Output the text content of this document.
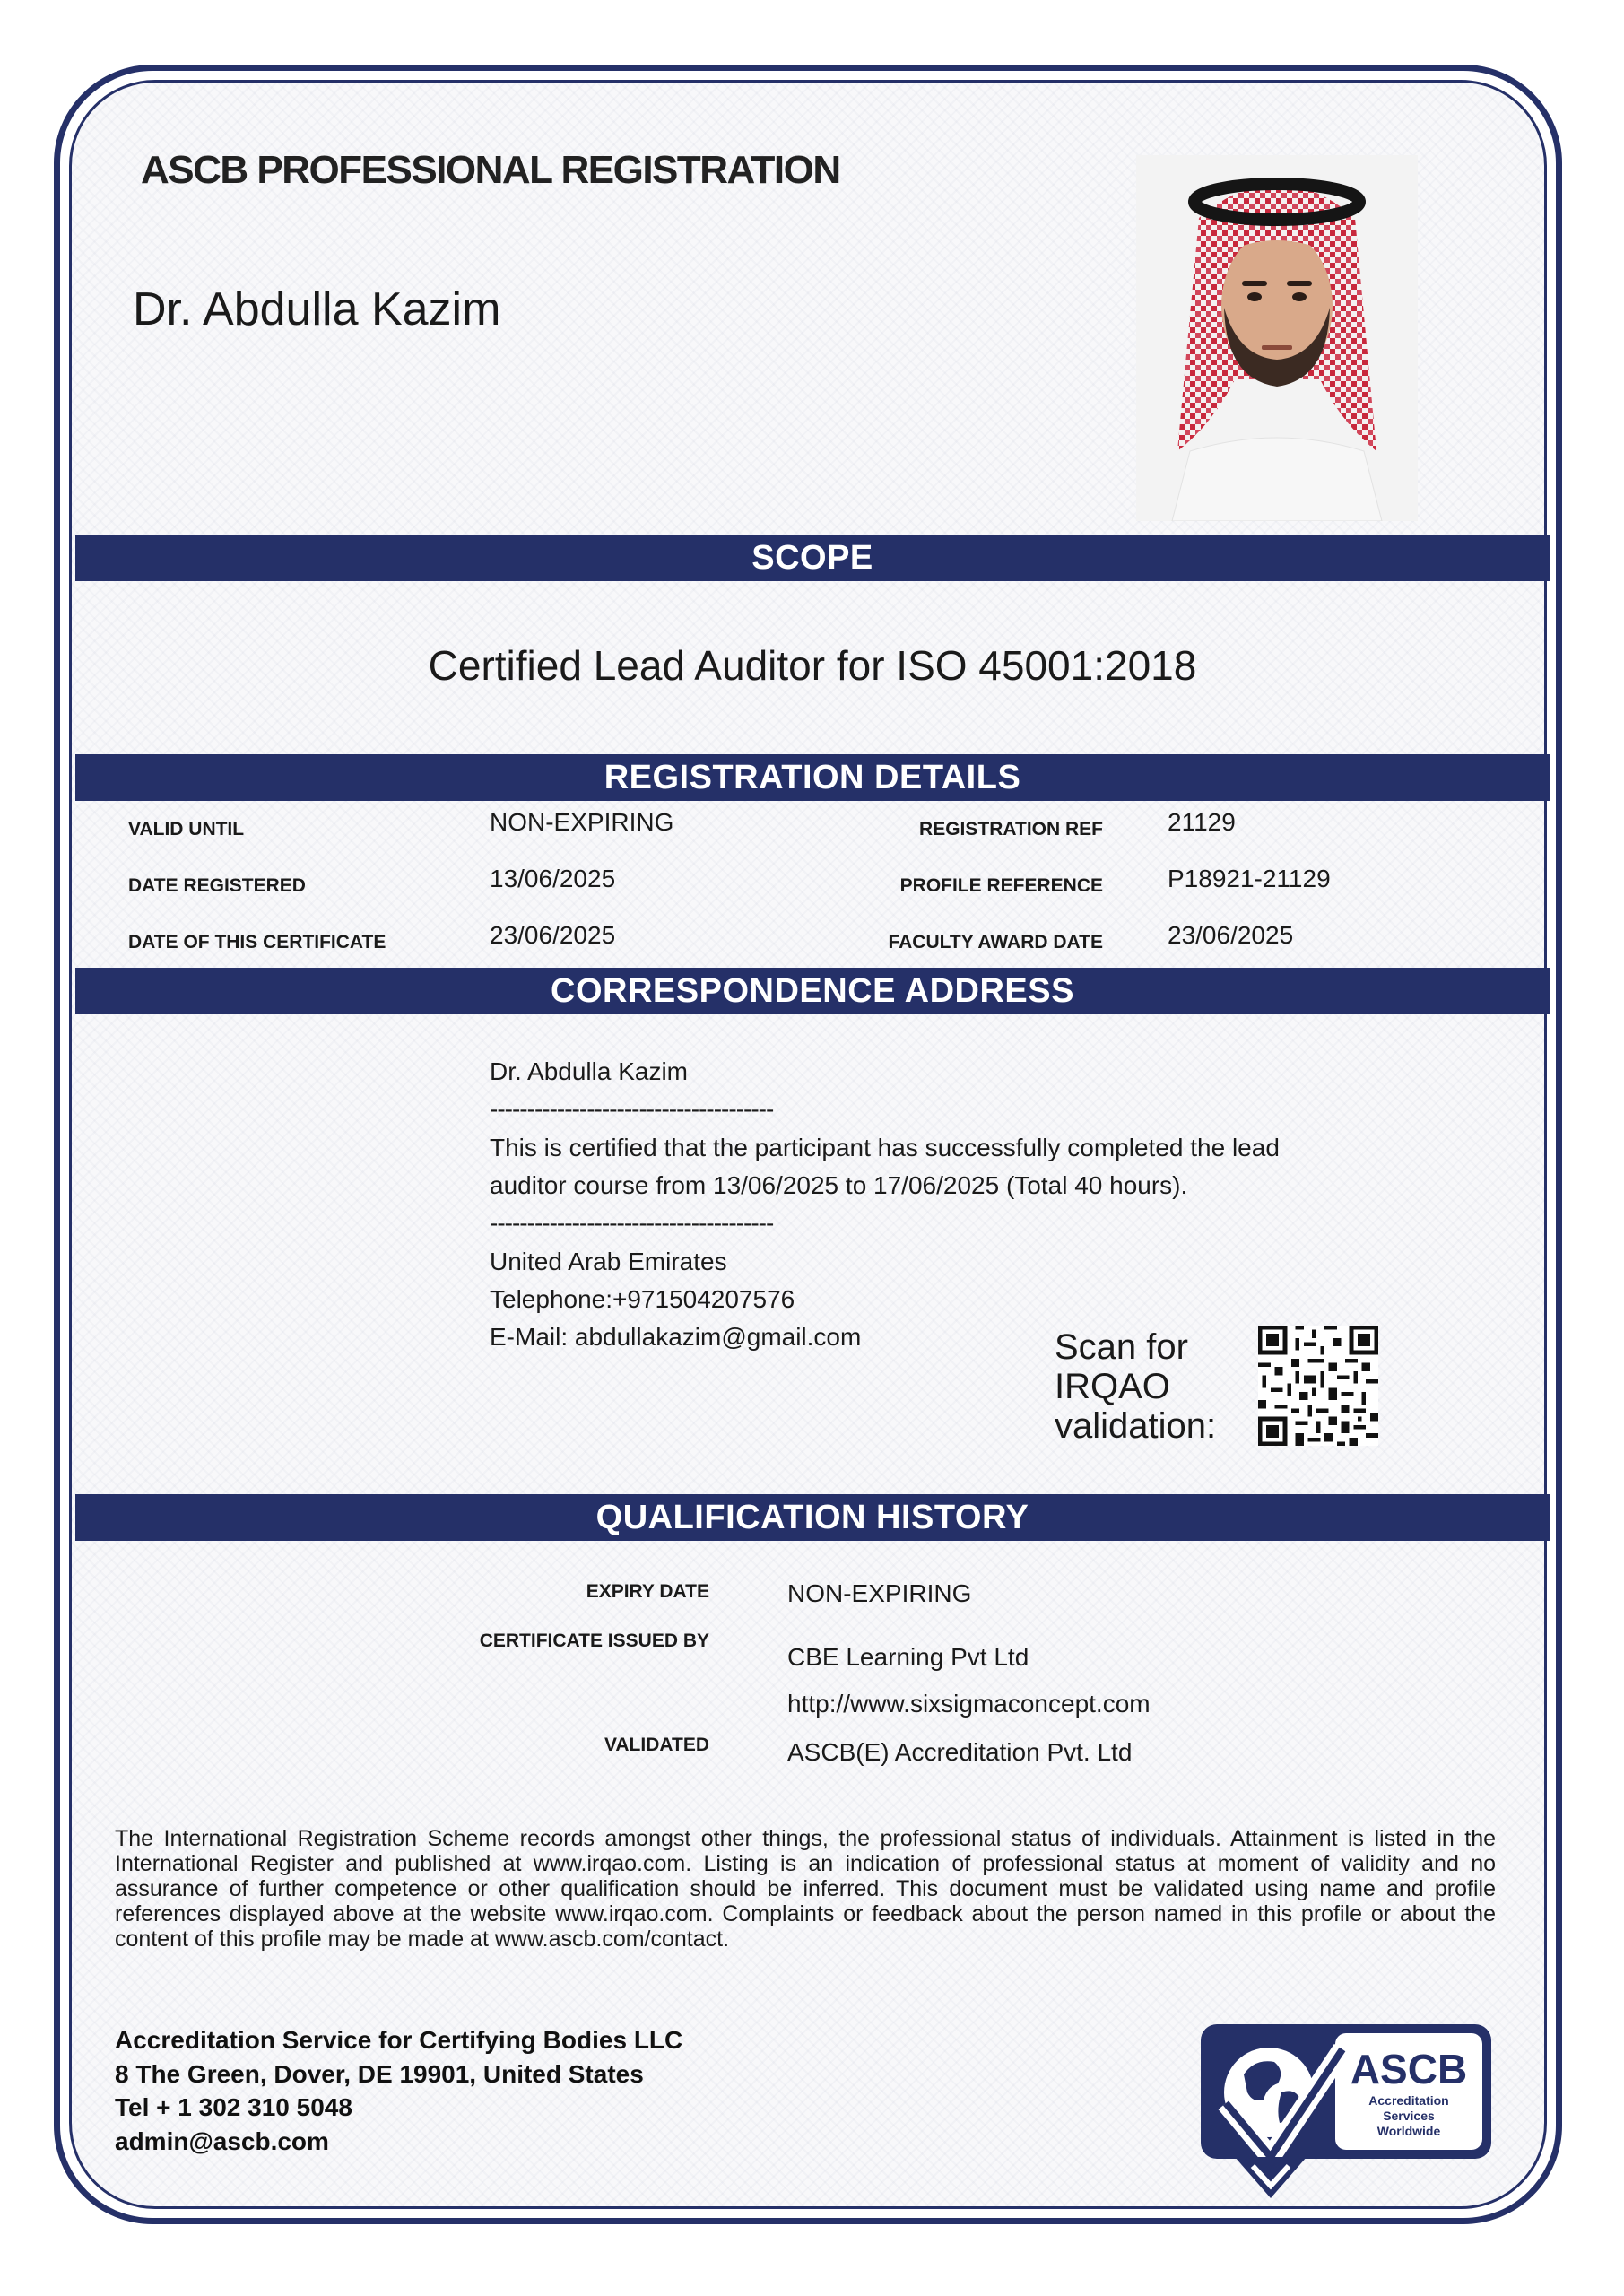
ASCB PROFESSIONAL REGISTRATION
Dr. Abdulla Kazim
SCOPE
Certified Lead Auditor for ISO 45001:2018
REGISTRATION DETAILS
VALID UNTIL	NON-EXPIRING
DATE REGISTERED	13/06/2025
DATE OF THIS CERTIFICATE	23/06/2025
REGISTRATION REF	21129
PROFILE REFERENCE	P18921-21129
FACULTY AWARD DATE	23/06/2025
CORRESPONDENCE ADDRESS
Dr. Abdulla Kazim
--------------------------------------
This is certified that the participant has successfully completed the lead
auditor course from 13/06/2025 to 17/06/2025 (Total 40 hours).
--------------------------------------
United Arab Emirates
Telephone:+971504207576
E-Mail: abdullakazim@gmail.com	Scan for
IRQAO
validation:
QUALIFICATION HISTORY
EXPIRY DATE	NON-EXPIRING
CERTIFICATE ISSUED BY
CBE Learning Pvt Ltd
http://www.sixsigmaconcept.com
VALIDATED	ASCB(E) Accreditation Pvt. Ltd
The International Registration Scheme records amongst other things, the professional status of individuals. Attainment is listed in the International Register and published at www.irqao.com. Listing is an indication of professional status at moment of validity and no assurance of further competence or other qualification should be inferred. This document must be validated using name and profile references displayed above at the website www.irqao.com. Complaints or feedback about the person named in this profile or about the content of this profile may be made at www.ascb.com/contact.
Accreditation Service for Certifying Bodies LLC
8 The Green, Dover, DE 19901, United States
Tel + 1 302 310 5048
admin@ascb.com
ASCB
Accreditation
Services
Worldwide
